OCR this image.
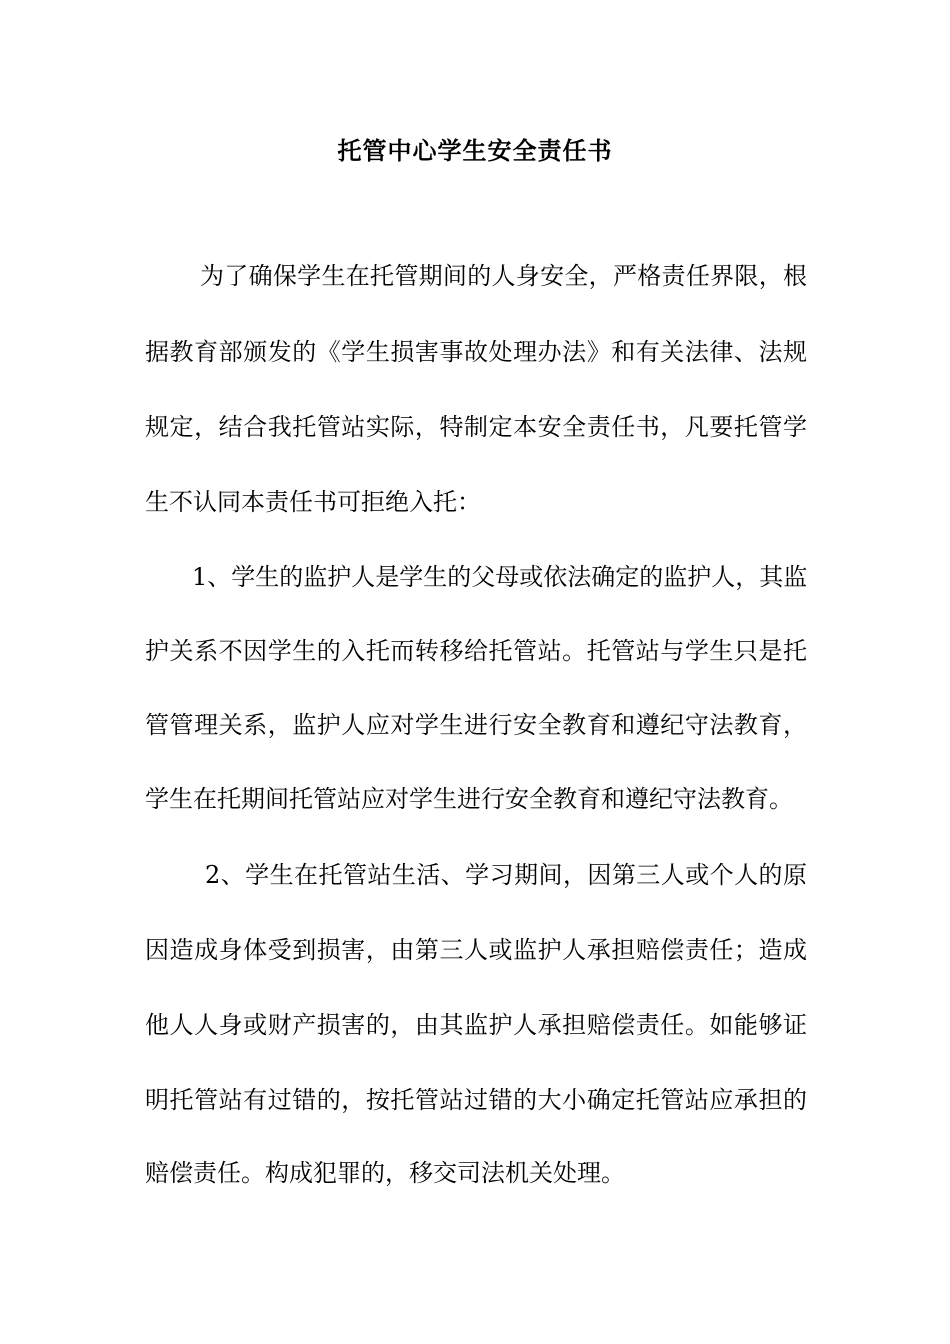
托管中心学生安全责任书
为了确保学生在托管期间的人身安全，严格责任界限，根
据教育部颁发的《学生损害事故处理办法》和有关法律、法规
规定，结合我托管站实际，特制定本安全责任书，凡要托管学
生不认同本责任书可拒绝入托：
1、学生的监护人是学生的父母或依法确定的监护人，其监
护关系不因学生的入托而转移给托管站。托管站与学生只是托
管管理关系，监护人应对学生进行安全教育和遵纪守法教育，
学生在托期间托管站应对学生进行安全教育和遵纪守法教育。
2、学生在托管站生活、学习期间，因第三人或个人的原
因造成身体受到损害，由第三人或监护人承担赔偿责任；造成
他人人身或财产损害的，由其监护人承担赔偿责任。如能够证
明托管站有过错的，按托管站过错的大小确定托管站应承担的
赔偿责任。构成犯罪的，移交司法机关处理。
